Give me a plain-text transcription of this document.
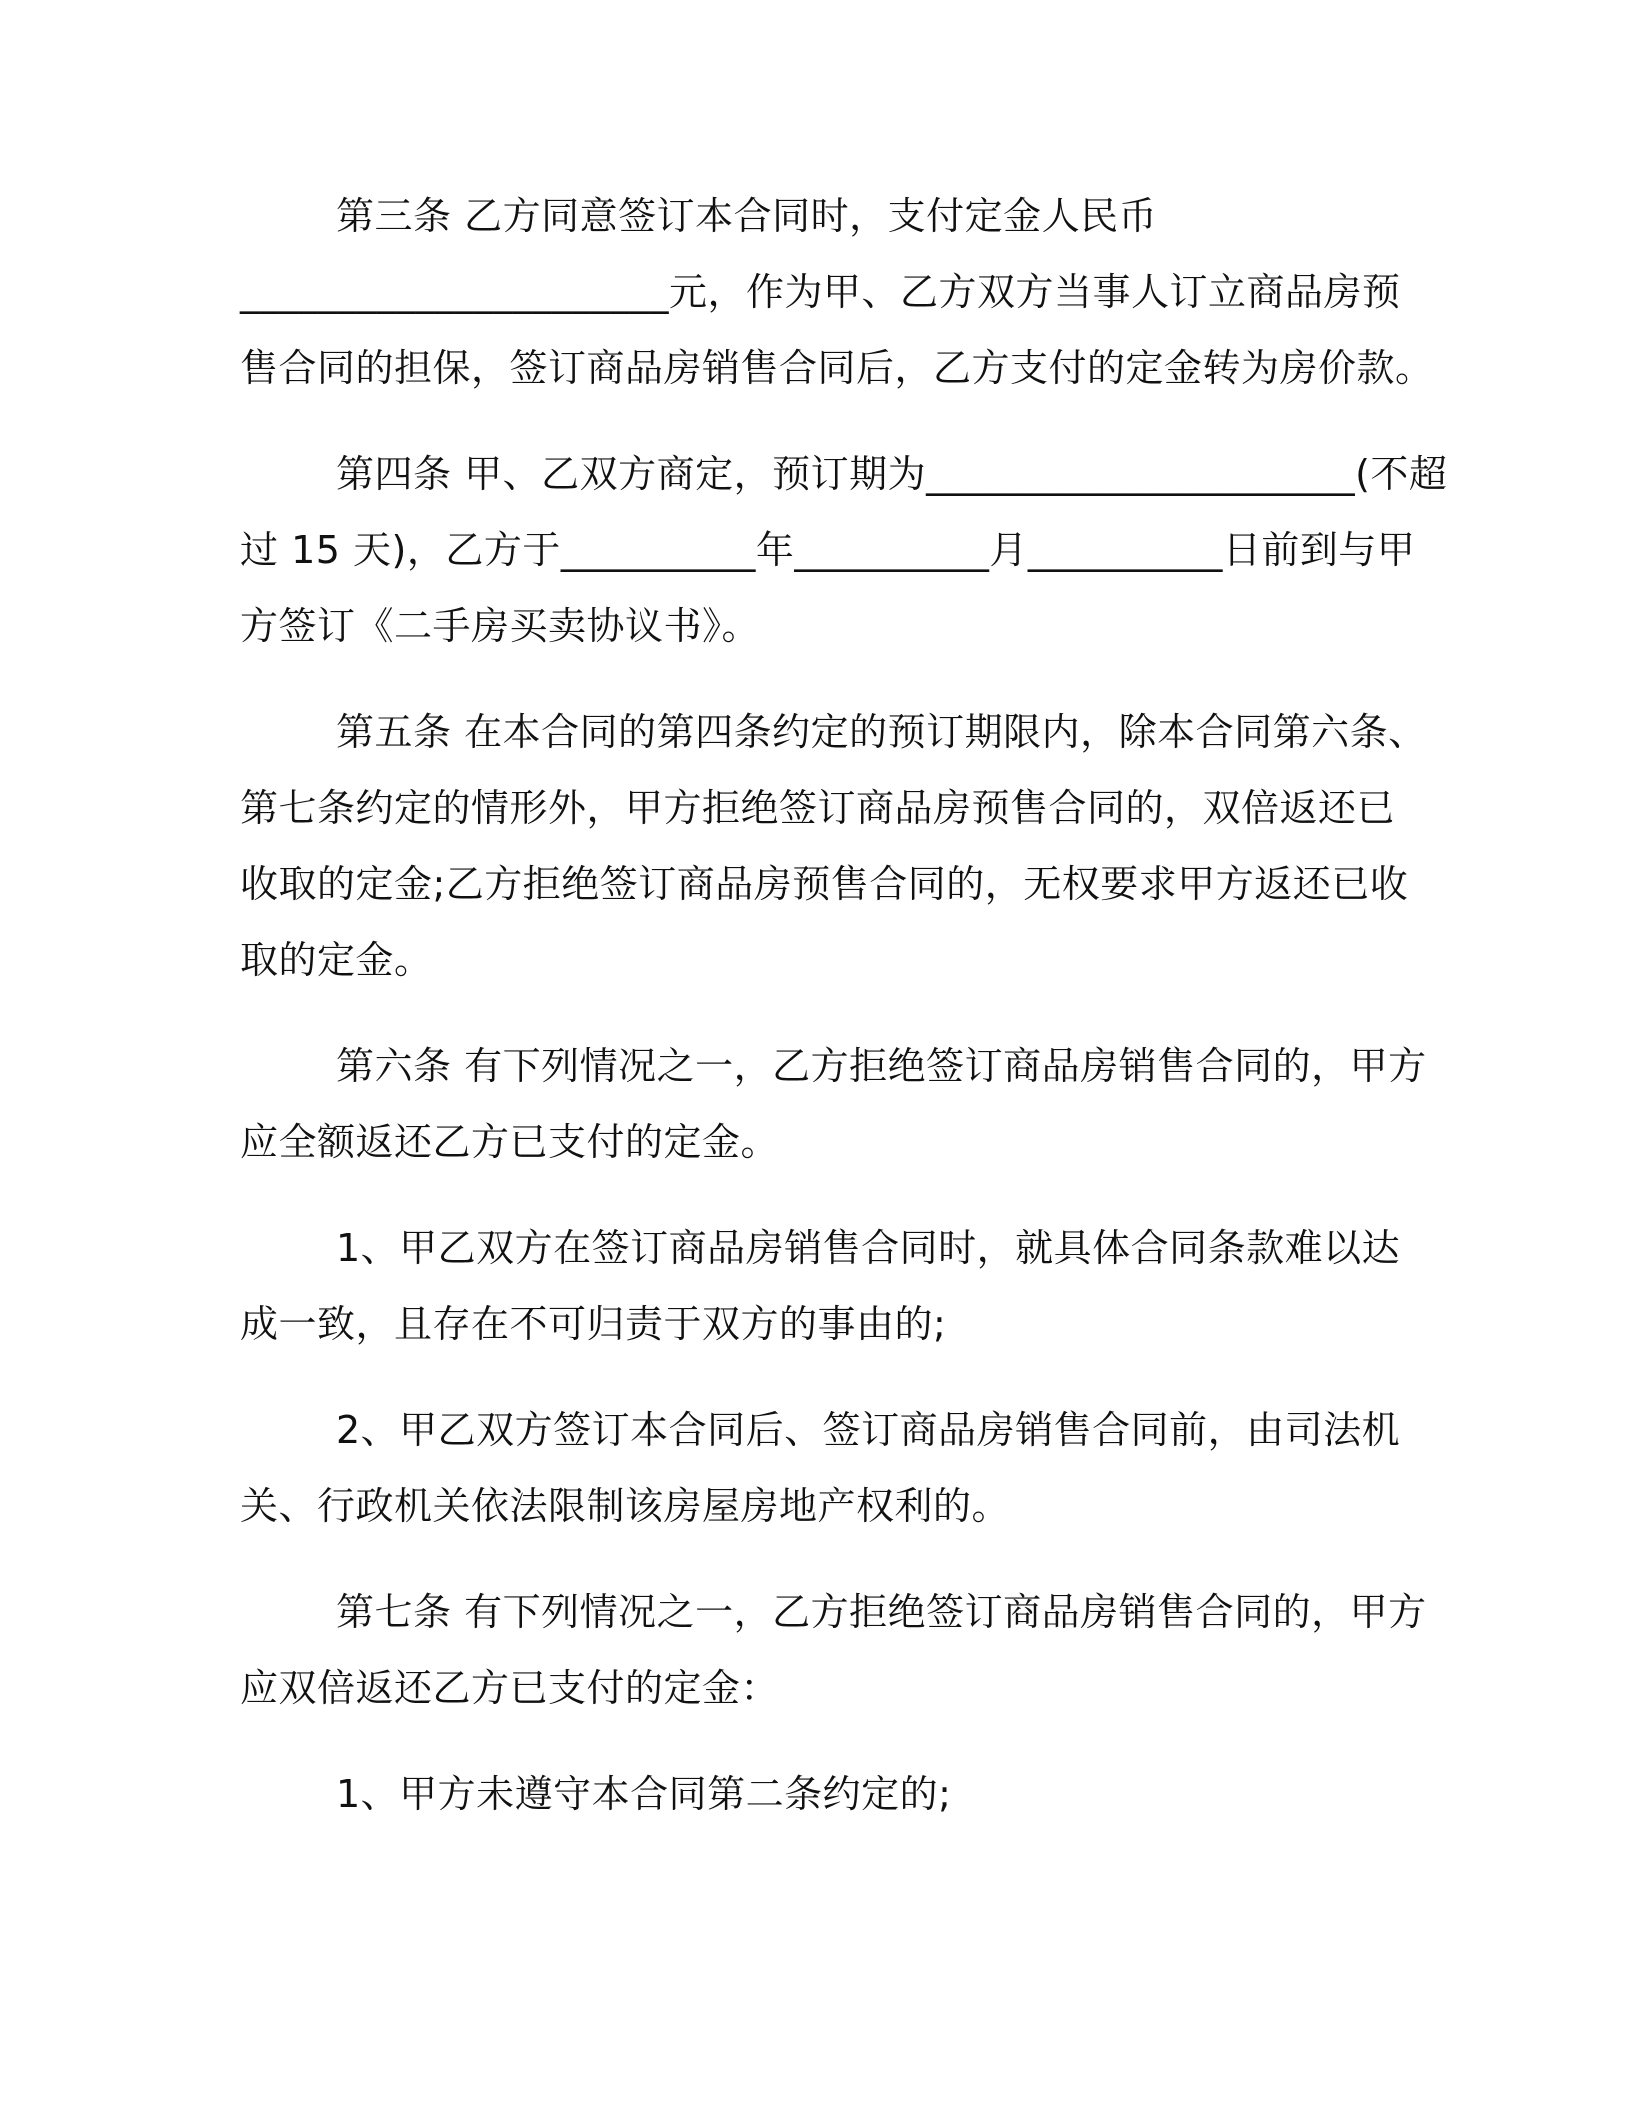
第三条 乙方同意签订本合同时，支付定金人民币
______________________元，作为甲、乙方双方当事人订立商品房预
售合同的担保，签订商品房销售合同后，乙方支付的定金转为房价款。
第四条 甲、乙双方商定，预订期为______________________(不超
过 15 天)，乙方于__________年__________月__________日前到与甲
方签订《二手房买卖协议书》。
第五条 在本合同的第四条约定的预订期限内，除本合同第六条、
第七条约定的情形外，甲方拒绝签订商品房预售合同的，双倍返还已
收取的定金;乙方拒绝签订商品房预售合同的，无权要求甲方返还已收
取的定金。
第六条 有下列情况之一，乙方拒绝签订商品房销售合同的，甲方
应全额返还乙方已支付的定金。
1、甲乙双方在签订商品房销售合同时，就具体合同条款难以达
成一致，且存在不可归责于双方的事由的;
2、甲乙双方签订本合同后、签订商品房销售合同前，由司法机
关、行政机关依法限制该房屋房地产权利的。
第七条 有下列情况之一，乙方拒绝签订商品房销售合同的，甲方
应双倍返还乙方已支付的定金：
1、甲方未遵守本合同第二条约定的;
